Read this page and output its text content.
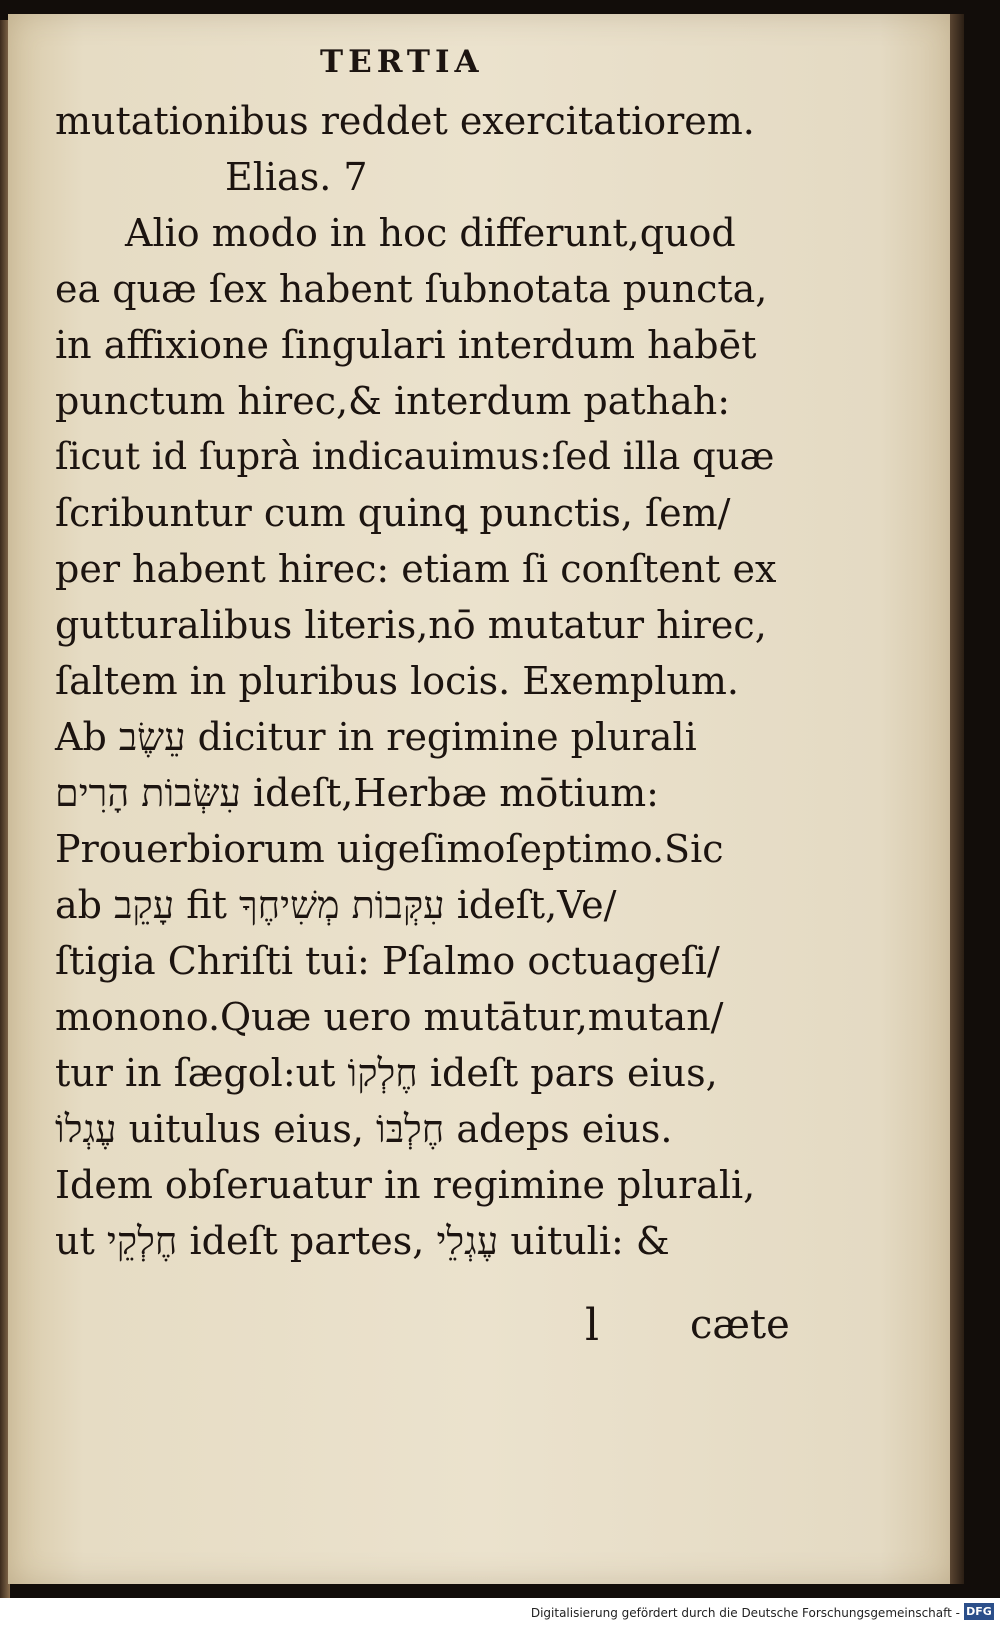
TERTIA
mutationibus reddet exercitatiorem.
Elias. 7
Alio modo in hoc differunt,quod
ea quæ ſex habent ſubnotata puncta,
in affixione ſingulari interdum habēt
punctum hirec,& interdum pathah:
ſicut id ſuprà indicauimus:ſed illa quæ
ſcribuntur cum quinꝗ punctis, ſem/
per habent hirec: etiam ſi conſtent ex
gutturalibus literis,nō mutatur hirec,
ſaltem in pluribus locis. Exemplum.
Ab עֵשֶׂב dicitur in regimine plurali
עִשְּׂבוֹת הָרִים ideſt,Herbæ mōtium:
Prouerbiorum uigeſimoſeptimo.Sic
ab עָקֵב fit עִקְּבוֹת מְשִׁיחֶךָ ideſt,Ve/
ſtigia Chriſti tui: Pſalmo octuageſi/
monono.Quæ uero mutātur,mutan/
tur in ſægol:ut חֶלְקוֹ ideſt pars eius,
עֶגְלוֹ uitulus eius, חֶלְבּוֹ adeps eius.
Idem obſeruatur in regimine plurali,
ut חֶלְקֵי ideſt partes, עֶגְלֵי uituli: &
l cæte
Digitalisierung gefördert durch die Deutsche Forschungsgemeinschaft - DFG
